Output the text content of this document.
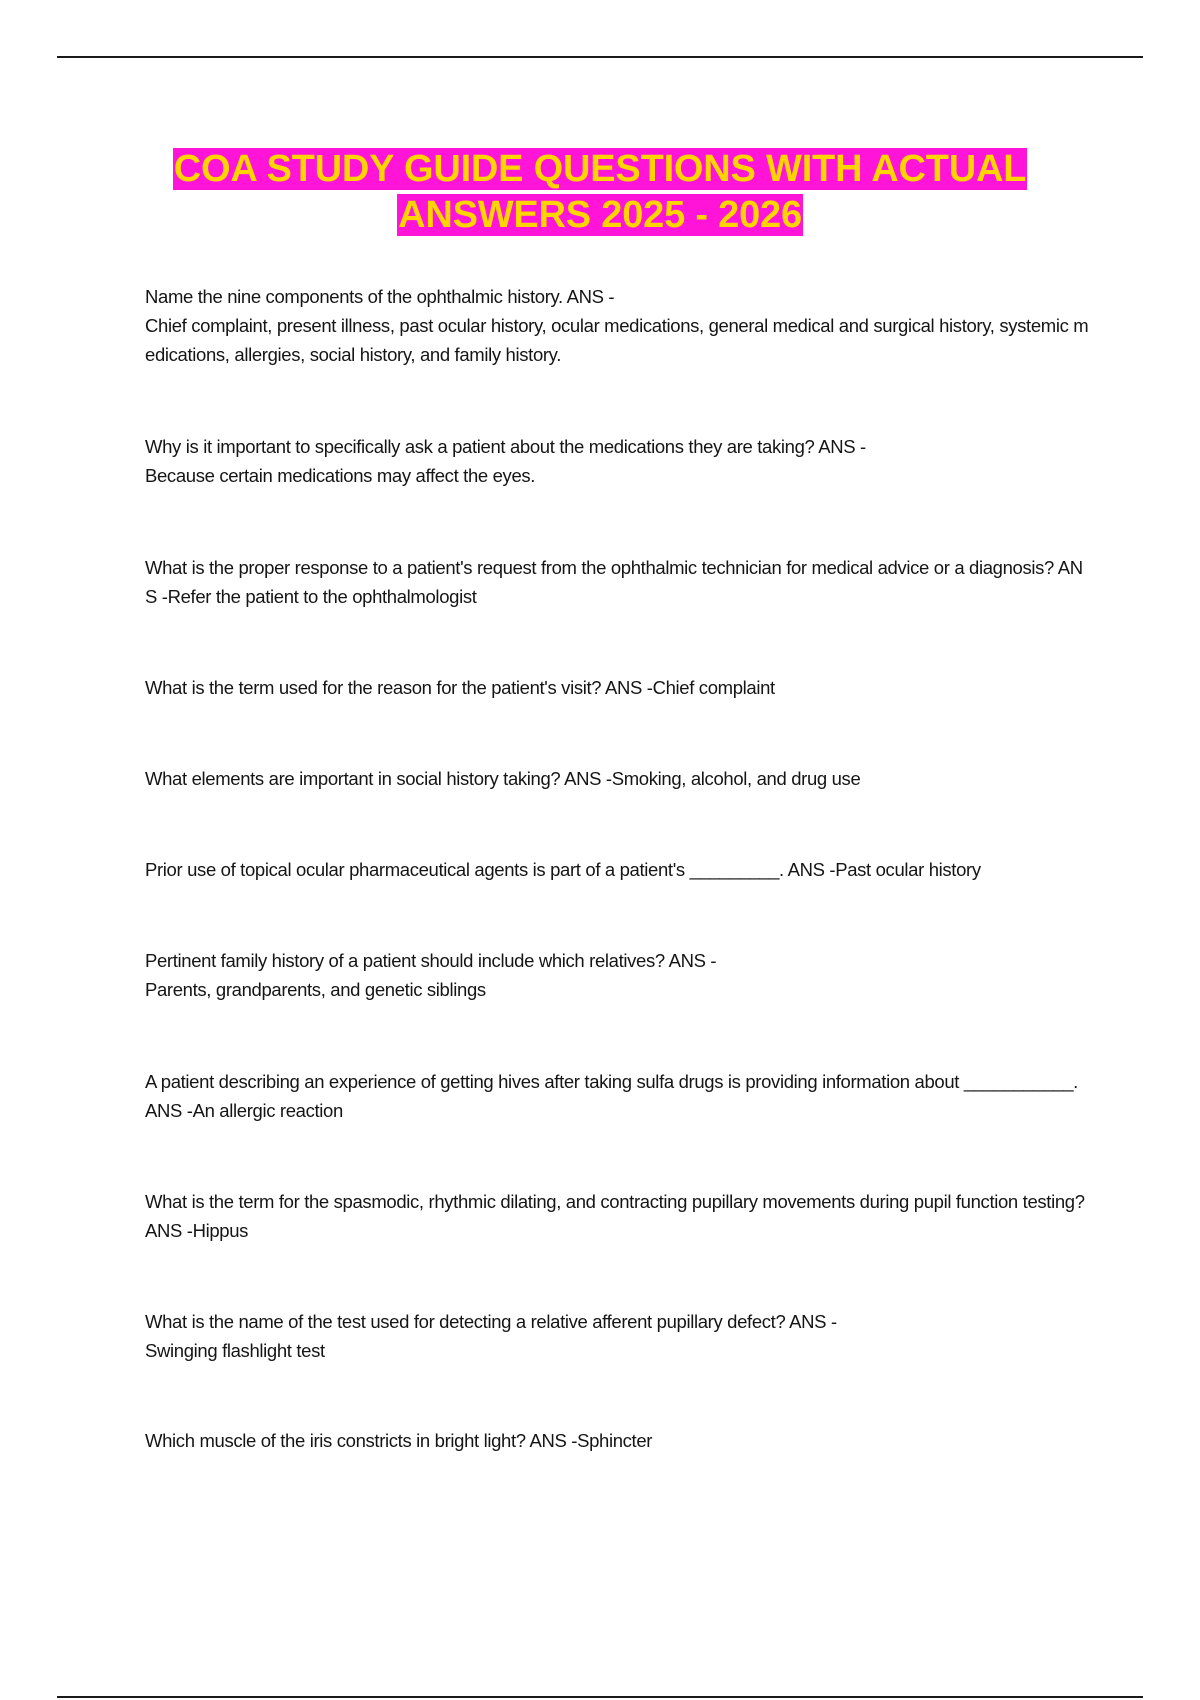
COA STUDY GUIDE QUESTIONS WITH ACTUAL
ANSWERS 2025 - 2026
Name the nine components of the ophthalmic history. ANS -
Chief complaint, present illness, past ocular history, ocular medications, general medical and surgical history, systemic medications, allergies, social history, and family history.
Why is it important to specifically ask a patient about the medications they are taking? ANS -
Because certain medications may affect the eyes.
What is the proper response to a patient's request from the ophthalmic technician for medical advice or a diagnosis? ANS -Refer the patient to the ophthalmologist
What is the term used for the reason for the patient's visit? ANS -Chief complaint
What elements are important in social history taking? ANS -Smoking, alcohol, and drug use
Prior use of topical ocular pharmaceutical agents is part of a patient's _________. ANS -Past ocular history
Pertinent family history of a patient should include which relatives? ANS -
Parents, grandparents, and genetic siblings
A patient describing an experience of getting hives after taking sulfa drugs is providing information about ___________. ANS -An allergic reaction
What is the term for the spasmodic, rhythmic dilating, and contracting pupillary movements during pupil function testing? ANS -Hippus
What is the name of the test used for detecting a relative afferent pupillary defect? ANS -
Swinging flashlight test
Which muscle of the iris constricts in bright light? ANS -Sphincter
